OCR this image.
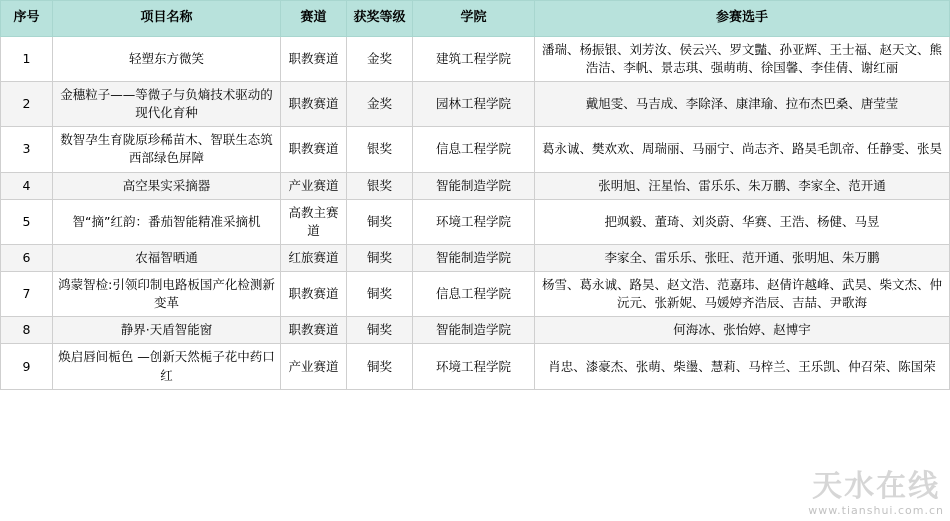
序号	项目名称	赛道	获奖等级	学院	参赛选手
1	轻塑东方微笑	职教赛道	金奖	建筑工程学院	潘瑞、杨振银、刘芳汝、侯云兴、罗文豔、孙亚辉、王士福、赵天文、熊浩洁、李帆、景志琪、强萌萌、徐国馨、李佳倩、谢红丽
2	金穗粒子——等微子与负熵技术驱动的现代化育种	职教赛道	金奖	园林工程学院	戴旭雯、马吉成、李除泽、康津瑜、拉布杰巴桑、唐莹莹
3	数智孕生育陇原珍稀苗木、智联生态筑西部绿色屏障	职教赛道	银奖	信息工程学院	葛永诚、樊欢欢、周瑞丽、马丽宁、尚志齐、路昊毛凯帝、任静雯、张昊
4	高空果实采摘器	产业赛道	银奖	智能制造学院	张明旭、汪星怡、雷乐乐、朱万鹏、李家全、范开通
5	智“摘”红韵：番茄智能精准采摘机	高教主赛道	铜奖	环境工程学院	把飒毅、董琦、刘炎蔚、华赛、王浩、杨健、马昱
6	农福智晒通	红旅赛道	铜奖	智能制造学院	李家全、雷乐乐、张旺、范开通、张明旭、朱万鹏
7	鸿蒙智检:引领印制电路板国产化检测新变革	职教赛道	铜奖	信息工程学院	杨雪、葛永诚、路昊、赵文浩、范嘉玮、赵倩许越峰、武昊、柴文杰、仲沅元、张新妮、马媛婷齐浩辰、吉喆、尹歌海
8	静界·天盾智能窗	职教赛道	铜奖	智能制造学院	何海冰、张怡婷、赵博宇
9	焕启唇间栀色 —创新天然栀子花中药口红	产业赛道	铜奖	环境工程学院	肖忠、漆豪杰、张萌、柴璗、慧莉、马梓兰、王乐凯、仲召荣、陈国荣
天水在线
www.tianshui.com.cn
